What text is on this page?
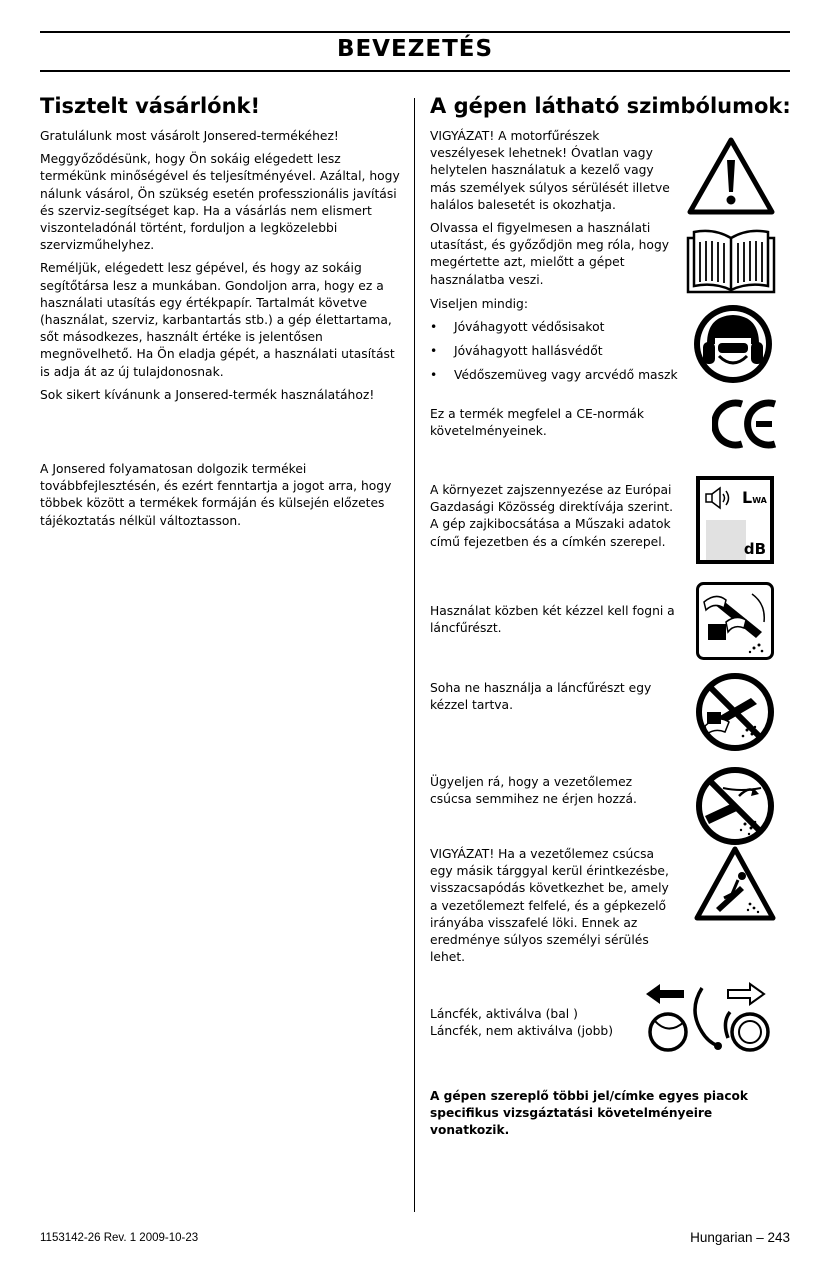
BEVEZETÉS
Tisztelt vásárlónk!

Gratulálunk most vásárolt Jonsered-termékéhez!

Meggyőződésünk, hogy Ön sokáig elégedett lesz termékünk minőségével és teljesítményével. Azáltal, hogy nálunk vásárol, Ön szükség esetén professzionális javítási és szerviz-segítséget kap. Ha a vásárlás nem elismert viszonteladónál történt, forduljon a legközelebbi szervizműhelyhez.

Reméljük, elégedett lesz gépével, és hogy az sokáig segítőtársa lesz a munkában. Gondoljon arra, hogy ez a használati utasítás egy értékpapír. Tartalmát követve (használat, szerviz, karbantartás stb.) a gép élettartama, sőt másodkezes, használt értéke is jelentősen megnövelhető. Ha Ön eladja gépét, a használati utasítást is adja át az új tulajdonosnak.

Sok sikert kívánunk a Jonsered-termék használatához!

A Jonsered folyamatosan dolgozik termékei továbbfejlesztésén, és ezért fenntartja a jogot arra, hogy többek között a termékek formáján és külsején előzetes tájékoztatás nélkül változtasson.
A gépen látható szimbólumok:
VIGYÁZAT! A motorfűrészek veszélyesek lehetnek! Óvatlan vagy helytelen használatuk a kezelő vagy más személyek súlyos sérülését illetve halálos balesetét is okozhatja.
Olvassa el figyelmesen a használati utasítást, és győződjön meg róla, hogy megértette azt, mielőtt a gépet használatba veszi.
Viseljen mindig:
• Jóváhagyott védősisakot
• Jóváhagyott hallásvédőt
• Védőszemüveg vagy arcvédő maszk
Ez a termék megfelel a CE-normák követelményeinek.
A környezet zajszennyezése az Európai Gazdasági Közösség direktívája szerint. A gép zajkibocsátása a Műszaki adatok című fejezetben és a címkén szerepel.
Használat közben két kézzel kell fogni a láncfűrészt.
Soha ne használja a láncfűrészt egy kézzel tartva.
Ügyeljen rá, hogy a vezetőlemez csúcsa semmihez ne érjen hozzá.
VIGYÁZAT! Ha a vezetőlemez csúcsa egy másik tárggyal kerül érintkezésbe, visszacsapódás következhet be, amely a vezetőlemezt felfelé, és a gépkezelő irányába visszafelé löki. Ennek az eredménye súlyos személyi sérülés lehet.
Láncfék, aktiválva (bal )
Láncfék, nem aktiválva (jobb)
A gépen szereplő többi jel/címke egyes piacok specifikus vizsgáztatási követelményeire vonatkozik.
LWA
dB
1153142-26 Rev. 1 2009-10-23	Hungarian – 243
